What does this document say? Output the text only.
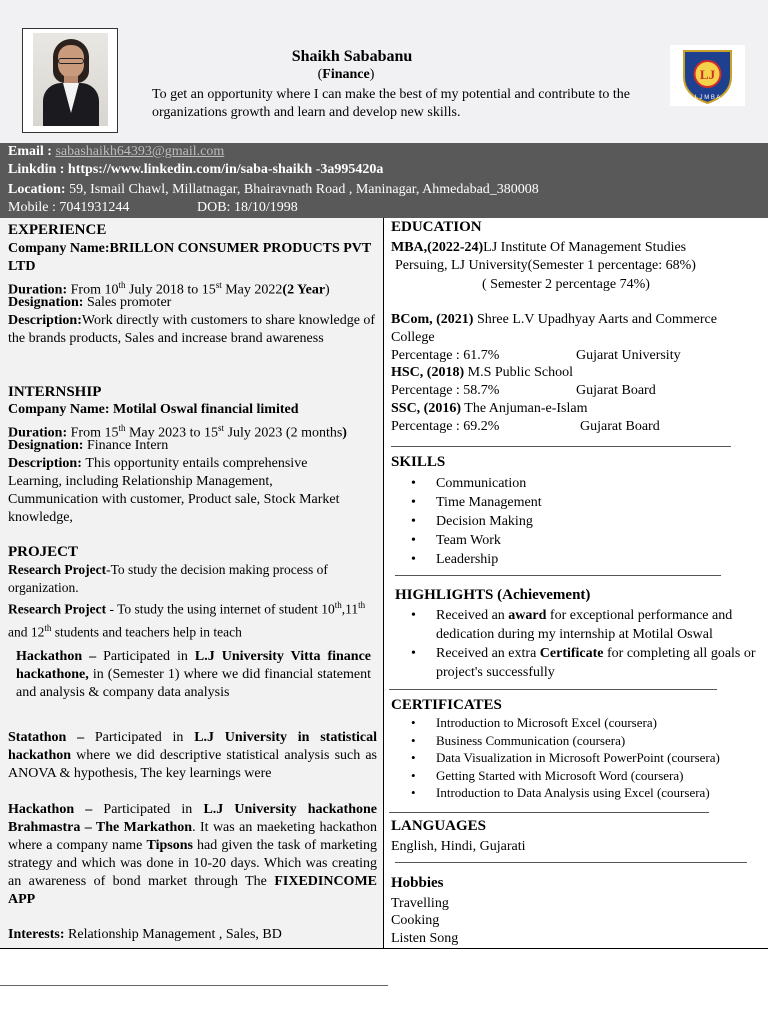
Shaikh Sababanu
(Finance)
To get an opportunity where I can make the best of my potential and contribute to the organizations growth and learn and develop new skills.
LJ
L J M B A
Email : sabashaikh64393@gmail.com
Linkdin : https://www.linkedin.com/in/saba-shaikh -3a995420a
Location: 59, Ismail Chawl, Millatnagar, Bhairavnath Road , Maninagar, Ahmedabad_380008
Mobile : 7041931244	DOB: 18/10/1998
EXPERIENCE
Company Name:BRILLON CONSUMER PRODUCTS PVT LTD
Duration: From 10th July 2018 to 15st May 2022(2 Year)
Designation: Sales promoter
Description:Work directly with customers to share knowledge of the brands products, Sales and increase brand awareness
INTERNSHIP
Company Name: Motilal Oswal financial limited
Duration: From 15th May 2023 to 15st July 2023 (2 months)
Designation: Finance Intern
Description: This opportunity entails comprehensive Learning, including Relationship Management, Cummunication with customer, Product sale, Stock Market knowledge,
PROJECT
Research Project-To study the decision making process of organization.
Research Project - To study the using internet of student 10th,11th and 12th students and teachers help in teach
Hackathon – Participated in L.J University Vitta finance hackathone, in (Semester 1) where we did financial statement and analysis & company data analysis
Statathon – Participated in L.J University in statistical hackathon where we did descriptive statistical analysis such as ANOVA & hypothesis, The key learnings were
Hackathon – Participated in L.J University hackathone Brahmastra – The Markathon. It was an maeketing hackathon where a company name Tipsons had given the task of marketing strategy and which was done in 10-20 days. Which was creating an awareness of bond market through The FIXEDINCOME APP
Interests: Relationship Management , Sales, BD
EDUCATION
MBA,(2022-24)LJ Institute Of Management Studies
Persuing, LJ University(Semester 1 percentage: 68%)
( Semester 2 percentage 74%)
BCom, (2021) Shree L.V Upadhyay Aarts and Commerce College
Percentage : 61.7%	Gujarat University
HSC, (2018) M.S Public School
Percentage : 58.7%	Gujarat Board
SSC, (2016) The Anjuman-e-Islam
Percentage : 69.2%	Gujarat Board
SKILLS
• Communication
• Time Management
• Decision Making
• Team Work
• Leadership
HIGHLIGHTS (Achievement)
• Received an award for exceptional performance and dedication during my internship at Motilal Oswal
• Received an extra Certificate for completing all goals or project's successfully
CERTIFICATES
• Introduction to Microsoft Excel (coursera)
• Business Communication (coursera)
• Data Visualization in Microsoft PowerPoint (coursera)
• Getting Started with Microsoft Word (coursera)
• Introduction to Data Analysis using Excel (coursera)
LANGUAGES
English, Hindi, Gujarati
Hobbies
Travelling
Cooking
Listen Song
